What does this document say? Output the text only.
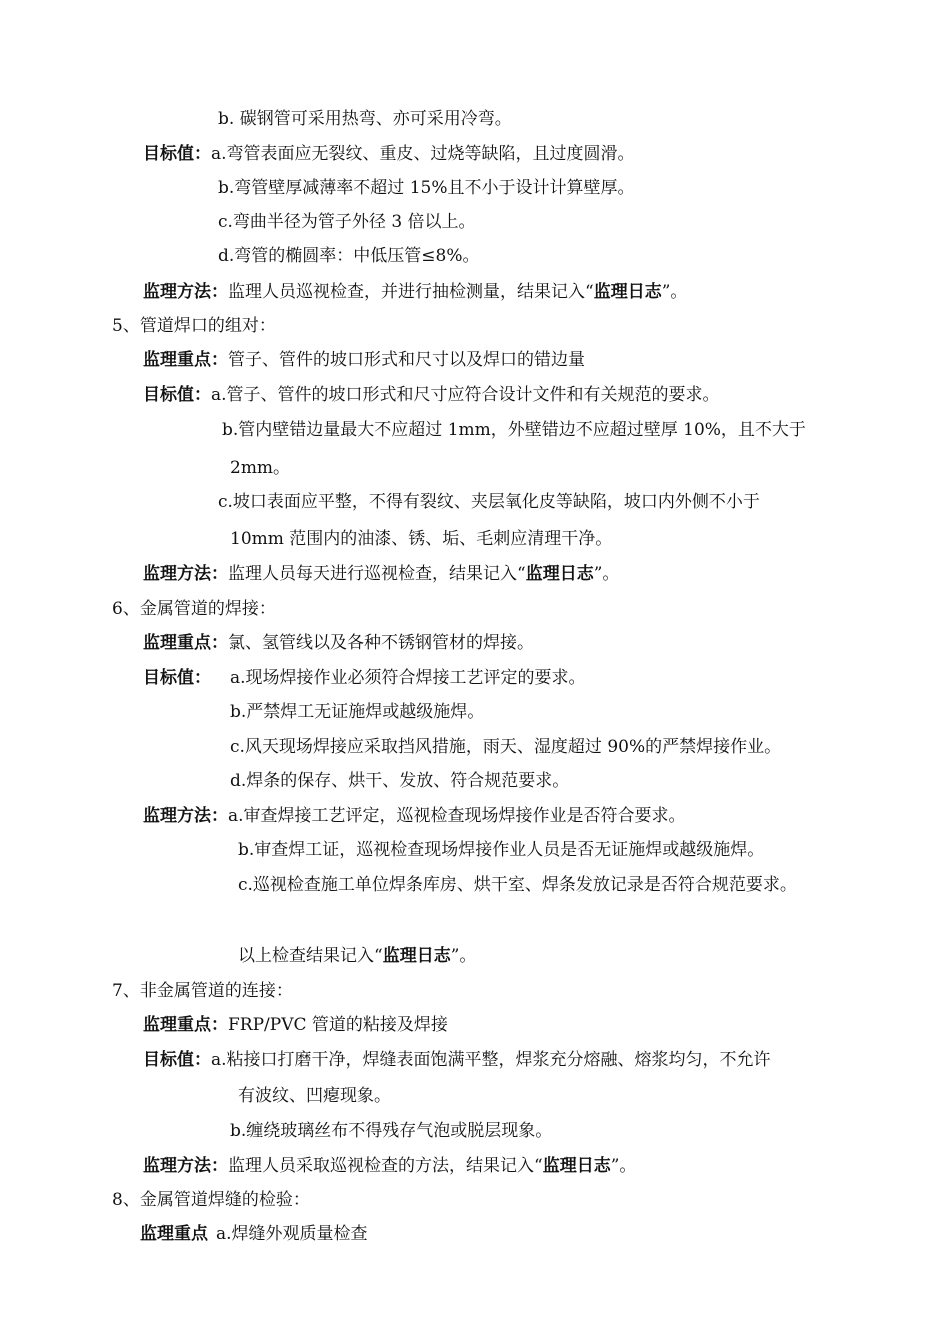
b. 碳钢管可采用热弯、亦可采用冷弯。
目标值：a.弯管表面应无裂纹、重皮、过烧等缺陷，且过度圆滑。
b.弯管壁厚减薄率不超过 15%且不小于设计计算壁厚。
c.弯曲半径为管子外径 3 倍以上。
d.弯管的椭圆率：中低压管≤8%。
监理方法：监理人员巡视检查，并进行抽检测量，结果记入“监理日志”。
5、管道焊口的组对：
监理重点：管子、管件的坡口形式和尺寸以及焊口的错边量
目标值：a.管子、管件的坡口形式和尺寸应符合设计文件和有关规范的要求。
b.管内壁错边量最大不应超过 1mm，外壁错边不应超过壁厚 10%，且不大于
2mm。
c.坡口表面应平整，不得有裂纹、夹层氧化皮等缺陷，坡口内外侧不小于
10mm 范围内的油漆、锈、垢、毛刺应清理干净。
监理方法：监理人员每天进行巡视检查，结果记入“监理日志”。
6、金属管道的焊接：
监理重点：氯、氢管线以及各种不锈钢管材的焊接。
目标值： a.现场焊接作业必须符合焊接工艺评定的要求。
b.严禁焊工无证施焊或越级施焊。
c.风天现场焊接应采取挡风措施，雨天、湿度超过 90%的严禁焊接作业。
d.焊条的保存、烘干、发放、符合规范要求。
监理方法：a.审查焊接工艺评定，巡视检查现场焊接作业是否符合要求。
b.审查焊工证，巡视检查现场焊接作业人员是否无证施焊或越级施焊。
c.巡视检查施工单位焊条库房、烘干室、焊条发放记录是否符合规范要求。
以上检查结果记入“监理日志”。
7、非金属管道的连接：
监理重点：FRP/PVC 管道的粘接及焊接
目标值：a.粘接口打磨干净，焊缝表面饱满平整，焊浆充分熔融、熔浆均匀，不允许
有波纹、凹瘪现象。
b.缠绕玻璃丝布不得残存气泡或脱层现象。
监理方法：监理人员采取巡视检查的方法，结果记入“监理日志”。
8、金属管道焊缝的检验：
监理重点 a.焊缝外观质量检查
